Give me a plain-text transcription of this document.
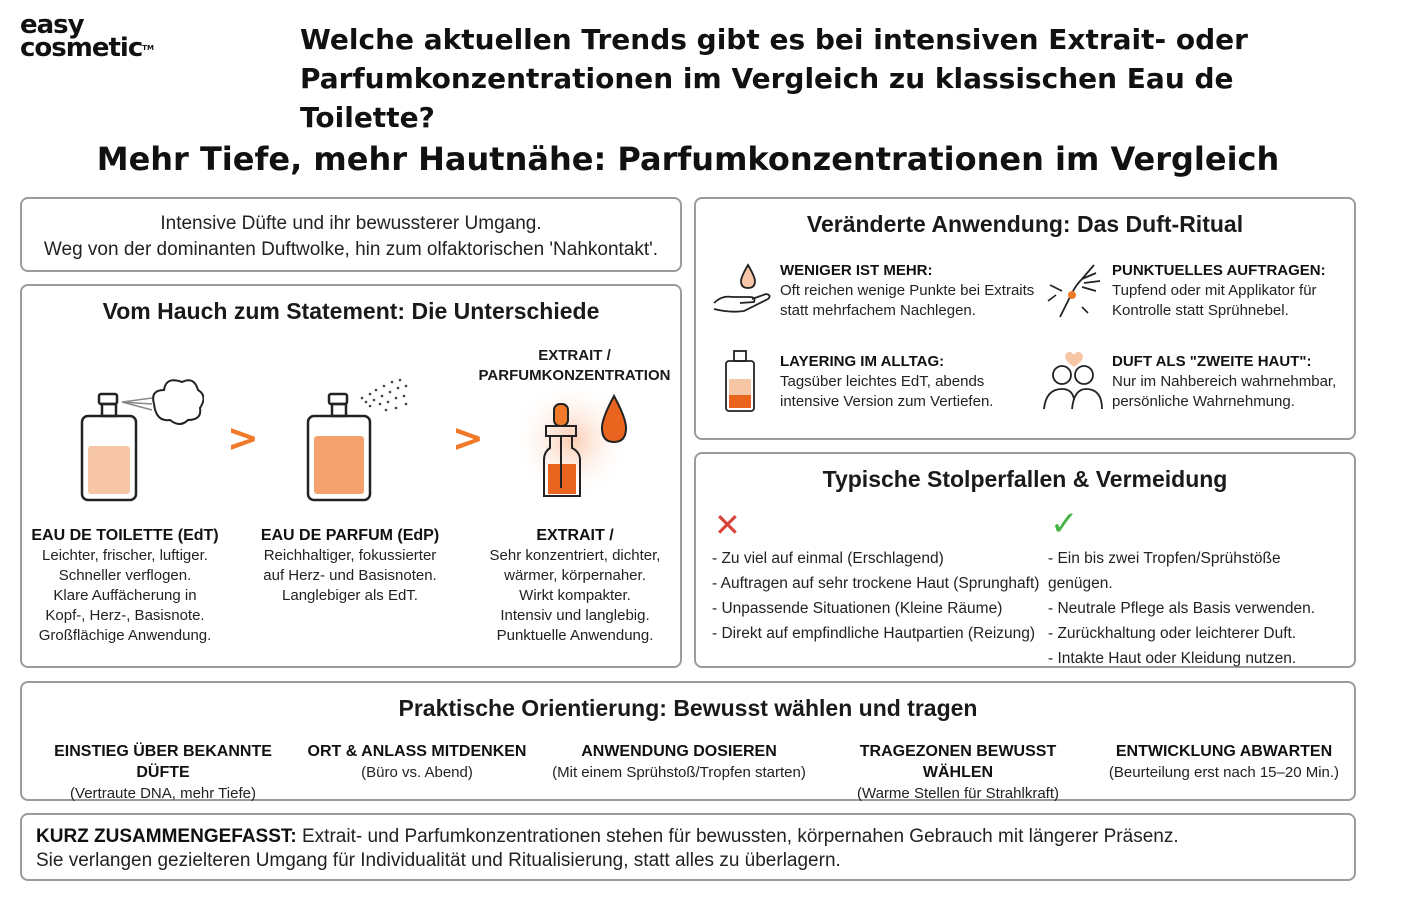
easy
cosmetic™	Welche aktuellen Trends gibt es bei intensiven Extrait- oder Parfumkonzentrationen im Vergleich zu klassischen Eau de Toilette?
Mehr Tiefe, mehr Hautnähe: Parfumkonzentrationen im Vergleich

Intensive Düfte und ihr bewussterer Umgang.

Weg von der dominanten Duftwolke, hin zum olfaktorischen 'Nahkontakt'.

Vom Hauch zum Statement: Die Unterschiede
>	>
EXTRAIT /
PARFUMKONZENTRATION
EAU DE TOILETTE (EdT)
Leichter, frischer, luftiger.
Schneller verflogen.
Klare Auffächerung in
Kopf-, Herz-, Basisnote.
Großflächige Anwendung.
EAU DE PARFUM (EdP)
Reichhaltiger, fokussierter
auf Herz- und Basisnoten.
Langlebiger als EdT.
EXTRAIT /
Sehr konzentriert, dichter,
wärmer, körpernaher.
Wirkt kompakter.
Intensiv und langlebig.
Punktuelle Anwendung.
Veränderte Anwendung: Das Duft-Ritual
WENIGER IST MEHR:
Oft reichen wenige Punkte bei Extraits
statt mehrfachem Nachlegen.
PUNKTUELLES AUFTRAGEN:
Tupfend oder mit Applikator für
Kontrolle statt Sprühnebel.
LAYERING IM ALLTAG:
Tagsüber leichtes EdT, abends
intensive Version zum Vertiefen.
DUFT ALS "ZWEITE HAUT":
Nur im Nahbereich wahrnehmbar,
persönliche Wahrnehmung.
Typische Stolperfallen & Vermeidung
✕	✓
- Zu viel auf einmal (Erschlagend)
- Auftragen auf sehr trockene Haut (Sprunghaft)
- Unpassende Situationen (Kleine Räume)
- Direkt auf empfindliche Hautpartien (Reizung)
- Ein bis zwei Tropfen/Sprühstöße genügen.
- Neutrale Pflege als Basis verwenden.
- Zurückhaltung oder leichterer Duft.
- Intakte Haut oder Kleidung nutzen.
Praktische Orientierung: Bewusst wählen und tragen
EINSTIEG ÜBER BEKANNTE DÜFTE
(Vertraute DNA, mehr Tiefe)
ORT & ANLASS MITDENKEN
(Büro vs. Abend)
ANWENDUNG DOSIEREN
(Mit einem Sprühstoß/Tropfen starten)
TRAGEZONEN BEWUSST WÄHLEN
(Warme Stellen für Strahlkraft)
ENTWICKLUNG ABWARTEN
(Beurteilung erst nach 15–20 Min.)

KURZ ZUSAMMENGEFASST: Extrait- und Parfumkonzentrationen stehen für bewussten, körpernahen Gebrauch mit längerer Präsenz.
Sie verlangen gezielteren Umgang für Individualität und Ritualisierung, statt alles zu überlagern.
